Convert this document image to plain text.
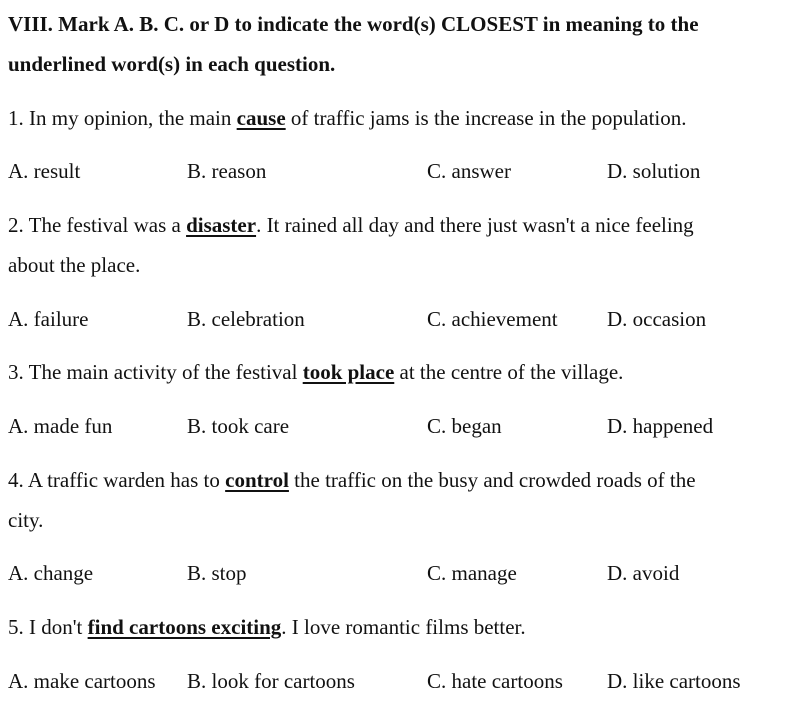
VIII. Mark A. B. C. or D to indicate the word(s) CLOSEST in meaning to the
underlined word(s) in each question.
1. In my opinion, the main cause of traffic jams is the increase in the population.
A. result	B. reason	C. answer	D. solution
2. The festival was a disaster. It rained all day and there just wasn't a nice feeling
about the place.
A. failure	B. celebration	C. achievement D. occasion
3. The main activity of the festival took place at the centre of the village.
A. made fun	B. took care	C. began	D. happened
4. A traffic warden has to control the traffic on the busy and crowded roads of the
city.
A. change	B. stop	C. manage	D. avoid
5. I don't find cartoons exciting. I love romantic films better.
A. make cartoons B. look for cartoons	C. hate cartoons D. like cartoons
